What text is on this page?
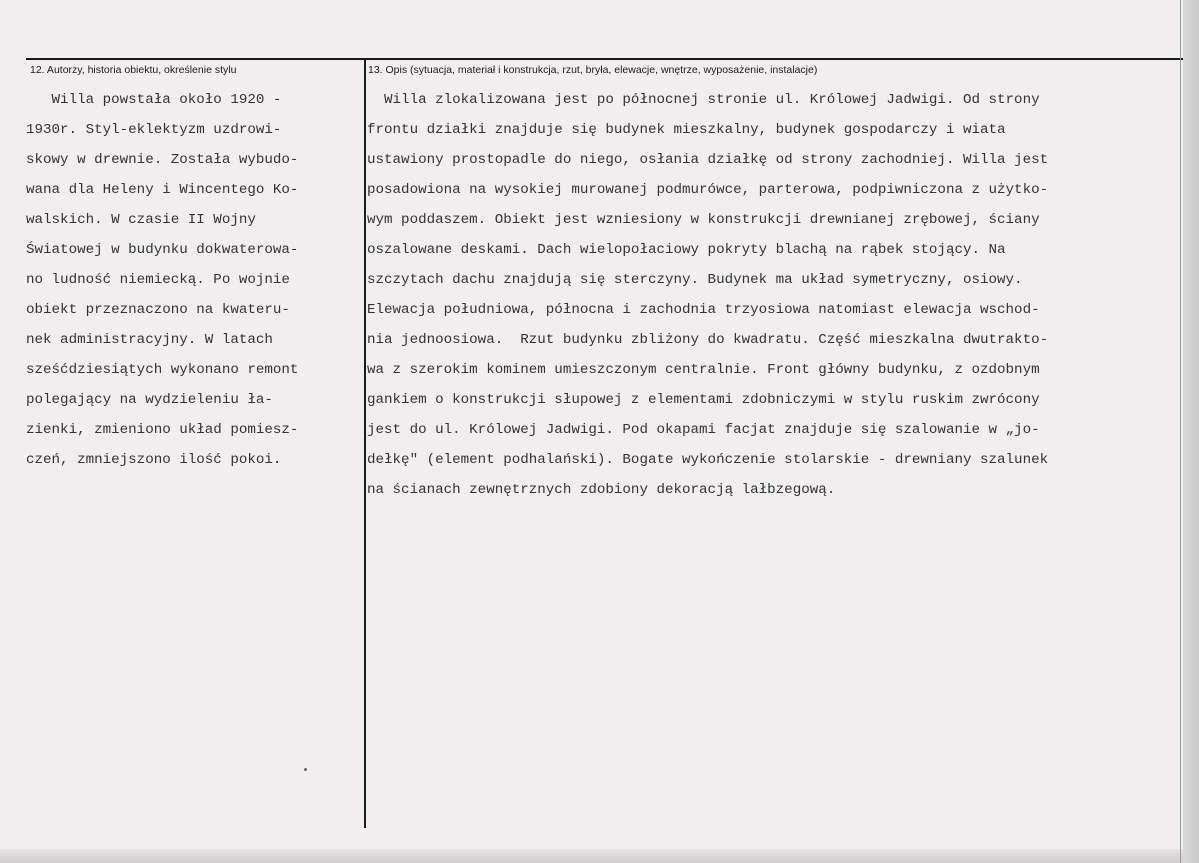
12. Autorzy, historia obiektu, określenie stylu	13. Opis (sytuacja, materiał i konstrukcja, rzut, bryła, elewacje, wnętrze, wyposażenie, instalacje)
Willa powstała około 1920 -
1930r. Styl-eklektyzm uzdrowi-
skowy w drewnie. Została wybudo-
wana dla Heleny i Wincentego Ko-
walskich. W czasie II Wojny
Światowej w budynku dokwaterowa-
no ludność niemiecką. Po wojnie
obiekt przeznaczono na kwateru-
nek administracyjny. W latach
sześćdziesiątych wykonano remont
polegający na wydzieleniu ła-
zienki, zmieniono układ pomiesz-
czeń, zmniejszono ilość pokoi.
Willa zlokalizowana jest po północnej stronie ul. Królowej Jadwigi. Od strony
frontu działki znajduje się budynek mieszkalny, budynek gospodarczy i wiata
ustawiony prostopadle do niego, osłania działkę od strony zachodniej. Willa jest
posadowiona na wysokiej murowanej podmurówce, parterowa, podpiwniczona z użytko-
wym poddaszem. Obiekt jest wzniesiony w konstrukcji drewnianej zrębowej, ściany
oszalowane deskami. Dach wielopołaciowy pokryty blachą na rąbek stojący. Na
szczytach dachu znajdują się sterczyny. Budynek ma układ symetryczny, osiowy.
Elewacja południowa, północna i zachodnia trzyosiowa natomiast elewacja wschod-
nia jednoosiowa.  Rzut budynku zbliżony do kwadratu. Część mieszkalna dwutrakto-
wa z szerokim kominem umieszczonym centralnie. Front główny budynku, z ozdobnym
gankiem o konstrukcji słupowej z elementami zdobniczymi w stylu ruskim zwrócony
jest do ul. Królowej Jadwigi. Pod okapami facjat znajduje się szalowanie w „jo-
dełkę" (element podhalański). Bogate wykończenie stolarskie - drewniany szalunek
na ścianach zewnętrznych zdobiony dekoracją lałbzegową.
